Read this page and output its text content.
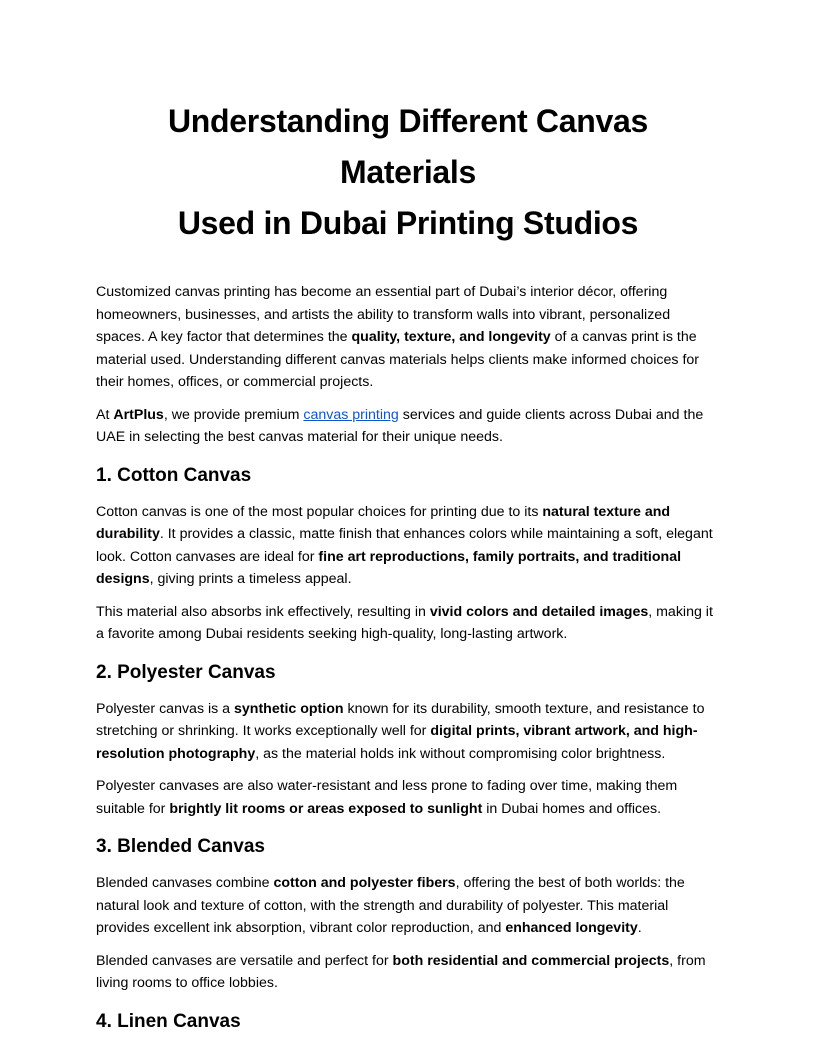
Understanding Different Canvas Materials
Used in Dubai Printing Studios

Customized canvas printing has become an essential part of Dubai’s interior décor, offering homeowners, businesses, and artists the ability to transform walls into vibrant, personalized spaces. A key factor that determines the quality, texture, and longevity of a canvas print is the material used. Understanding different canvas materials helps clients make informed choices for their homes, offices, or commercial projects.

At ArtPlus, we provide premium canvas printing services and guide clients across Dubai and the UAE in selecting the best canvas material for their unique needs.

1. Cotton Canvas

Cotton canvas is one of the most popular choices for printing due to its natural texture and durability. It provides a classic, matte finish that enhances colors while maintaining a soft, elegant look. Cotton canvases are ideal for fine art reproductions, family portraits, and traditional designs, giving prints a timeless appeal.

This material also absorbs ink effectively, resulting in vivid colors and detailed images, making it a favorite among Dubai residents seeking high-quality, long-lasting artwork.

2. Polyester Canvas

Polyester canvas is a synthetic option known for its durability, smooth texture, and resistance to stretching or shrinking. It works exceptionally well for digital prints, vibrant artwork, and high-resolution photography, as the material holds ink without compromising color brightness.

Polyester canvases are also water-resistant and less prone to fading over time, making them suitable for brightly lit rooms or areas exposed to sunlight in Dubai homes and offices.

3. Blended Canvas

Blended canvases combine cotton and polyester fibers, offering the best of both worlds: the natural look and texture of cotton, with the strength and durability of polyester. This material provides excellent ink absorption, vibrant color reproduction, and enhanced longevity.

Blended canvases are versatile and perfect for both residential and commercial projects, from living rooms to office lobbies.

4. Linen Canvas
